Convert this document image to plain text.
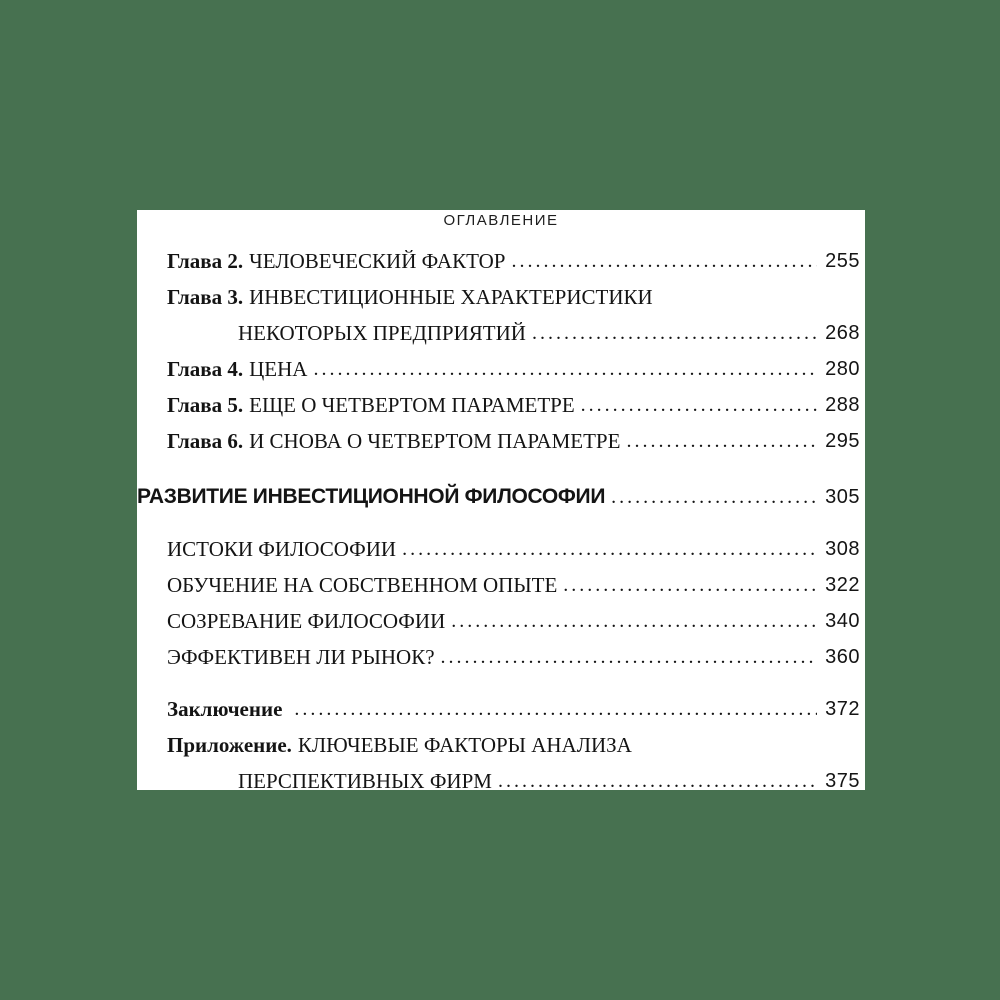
ОГЛАВЛЕНИЕ
Глава 2. ЧЕЛОВЕЧЕСКИЙ ФАКТОР .....	255
Глава 3. ИНВЕСТИЦИОННЫЕ ХАРАКТЕРИСТИКИ
НЕКОТОРЫХ ПРЕДПРИЯТИЙ .....	268
Глава 4. ЦЕНА .....	280
Глава 5. ЕЩЕ О ЧЕТВЕРТОМ ПАРАМЕТРЕ .....	288
Глава 6. И СНОВА О ЧЕТВЕРТОМ ПАРАМЕТРЕ .....	295
РАЗВИТИЕ ИНВЕСТИЦИОННОЙ ФИЛОСОФИИ .....	305
ИСТОКИ ФИЛОСОФИИ .....	308
ОБУЧЕНИЕ НА СОБСТВЕННОМ ОПЫТЕ .....	322
СОЗРЕВАНИЕ ФИЛОСОФИИ .....	340
ЭФФЕКТИВЕН ЛИ РЫНОК? .....	360
Заключение .....	372
Приложение. КЛЮЧЕВЫЕ ФАКТОРЫ АНАЛИЗА
ПЕРСПЕКТИВНЫХ ФИРМ .....	375
